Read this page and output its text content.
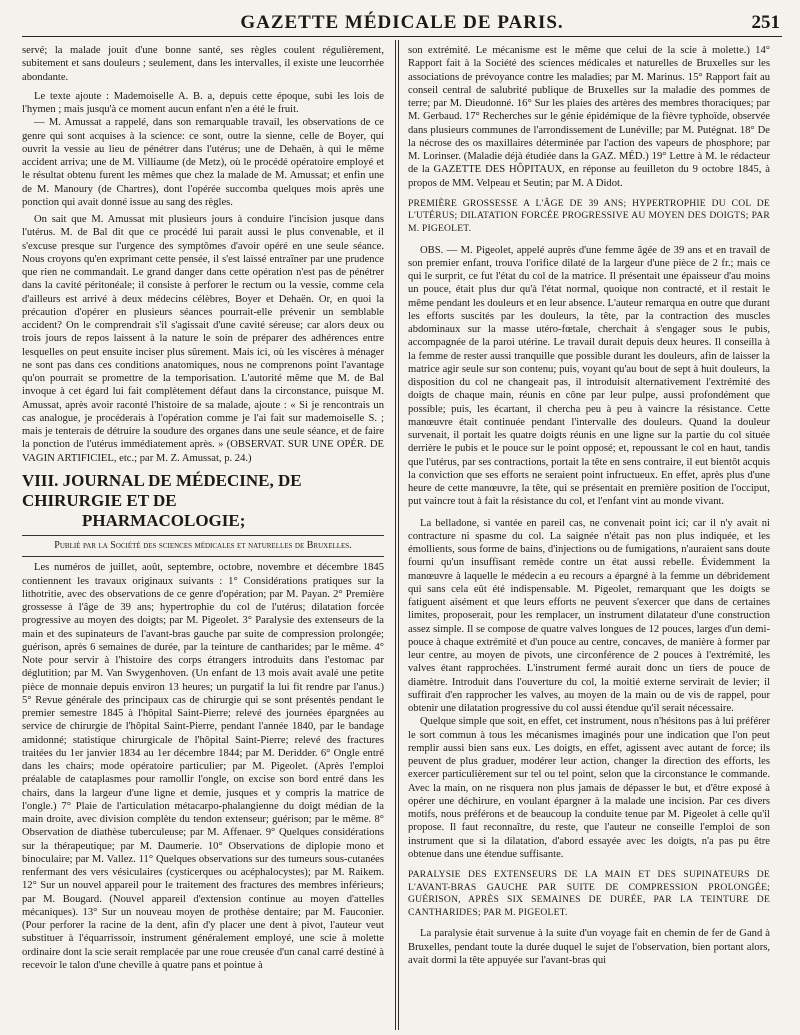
GAZETTE MÉDICALE DE PARIS.	251

servé; la malade jouit d'une bonne santé, ses règles coulent régulièrement, subitement et sans douleurs ; seulement, dans les intervalles, il existe une leucorrhée abondante.

Le texte ajoute : Mademoiselle A. B. a, depuis cette époque, subi les lois de l'hymen ; mais jusqu'à ce moment aucun enfant n'en a été le fruit.

— M. Amussat a rappelé, dans son remarquable travail, les observations de ce genre qui sont acquises à la science: ce sont, outre la sienne, celle de Boyer, qui ouvrit la vessie au lieu de pénétrer dans l'utérus; une de Dehaën, à qui le même accident arriva; une de M. Villiaume (de Metz), où le procédé opératoire employé et le résultat obtenu furent les mêmes que chez la malade de M. Amussat; et enfin une de M. Manoury (de Chartres), dont l'opérée succomba quelques mois après une ponction qui avait donné issue au sang des règles.

On sait que M. Amussat mit plusieurs jours à conduire l'incision jusque dans l'utérus. M. de Bal dit que ce procédé lui parait aussi le plus convenable, et il s'excuse presque sur l'urgence des symptômes d'avoir opéré en une seule séance. Nous croyons qu'en exprimant cette pensée, il s'est laissé entraîner par une prudence que rien ne commandait. Le grand danger dans cette opération n'est pas de pénétrer dans la cavité péritonéale; il consiste à perforer le rectum ou la vessie, comme cela d'ailleurs est arrivé à deux médecins célèbres, Boyer et Dehaën. Or, en quoi la précaution d'opérer en plusieurs séances pourrait-elle prévenir un semblable accident? On le comprendrait s'il s'agissait d'une cavité séreuse; car alors deux ou trois jours de repos laissent à la nature le soin de préparer des adhérences entre lesquelles on peut ensuite inciser plus sûrement. Mais ici, où les viscères à ménager ne sont pas dans ces conditions anatomiques, nous ne comprenons point l'avantage qu'on pourrait se promettre de la temporisation. L'autorité même que M. de Bal invoque à cet égard lui fait complètement défaut dans la circonstance, puisque M. Amussat, après avoir raconté l'histoire de sa malade, ajoute : « Si je rencontrais un cas analogue, je procéderais à l'opération comme je l'ai fait sur mademoiselle S. ; mais je tenterais de détruire la soudure des organes dans une seule séance, et de faire la ponction de l'utérus immédiatement après. » (OBSERVAT. SUR UNE OPÉR. DE VAGIN ARTIFICIEL, etc.; par M. Z. Amussat, p. 24.)

VIII. JOURNAL DE MÉDECINE, DE CHIRURGIE ET DE
PHARMACOLOGIE;

Publié par la Société des sciences médicales et naturelles de Bruxelles.

Les numéros de juillet, août, septembre, octobre, novembre et décembre 1845 contiennent les travaux originaux suivants : 1° Considérations pratiques sur la lithotritie, avec des observations de ce genre d'opération; par M. Payan. 2° Première grossesse à l'âge de 39 ans; hypertrophie du col de l'utérus; dilatation forcée progressive au moyen des doigts; par M. Pigeolet. 3° Paralysie des extenseurs de la main et des supinateurs de l'avant-bras gauche par suite de compression prolongée; guérison, après 6 semaines de durée, par la teinture de cantharides; par le même. 4° Note pour servir à l'histoire des corps étrangers introduits dans l'estomac par déglutition; par M. Van Swygenhoven. (Un enfant de 13 mois avait avalé une petite pièce de monnaie depuis environ 13 heures; un purgatif la lui fit rendre par l'anus.) 5° Revue générale des principaux cas de chirurgie qui se sont présentés pendant le premier semestre 1845 à l'hôpital Saint-Pierre; relevé des journées épargnées au service de chirurgie de l'hôpital Saint-Pierre, pendant l'année 1840, par le bandage amidonné; statistique chirurgicale de l'hôpital Saint-Pierre; relevé des fractures traitées du 1er janvier 1834 au 1er décembre 1844; par M. Deridder. 6° Ongle entré dans les chairs; mode opératoire particulier; par M. Pigeolet. (Après l'emploi préalable de cataplasmes pour ramollir l'ongle, on excise son bord entré dans les chairs, dans la largeur d'une ligne et demie, jusques et y compris la matrice de l'ongle.) 7° Plaie de l'articulation métacarpo-phalangienne du doigt médian de la main droite, avec division complète du tendon extenseur; guérison; par le même. 8° Observation de diathèse tuberculeuse; par M. Affenaer. 9° Quelques considérations sur la thérapeutique; par M. Daumerie. 10° Observations de diplopie mono et binoculaire; par M. Vallez. 11° Quelques observations sur des tumeurs sous-cutanées renfermant des vers vésiculaires (cysticerques ou acéphalocystes); par M. Raikem. 12° Sur un nouvel appareil pour le traitement des fractures des membres inférieurs; par M. Bougard. (Nouvel appareil d'extension continue au moyen d'attelles mécaniques). 13° Sur un nouveau moyen de prothèse dentaire; par M. Fauconier. (Pour perforer la racine de la dent, afin d'y placer une dent à pivot, l'auteur veut substituer à l'équarrissoir, instrument généralement employé, une scie à molette ordinaire dont la scie serait remplacée par une roue creusée d'un canal carré destiné à recevoir le talon d'une cheville à quatre pans et pointue à

son extrémité. Le mécanisme est le même que celui de la scie à molette.) 14° Rapport fait à la Société des sciences médicales et naturelles de Bruxelles sur les associations de prévoyance contre les maladies; par M. Marinus. 15° Rapport fait au conseil central de salubrité publique de Bruxelles sur la maladie des pommes de terre; par M. Dieudonné. 16° Sur les plaies des artères des membres thoraciques; par M. Gerbaud. 17° Recherches sur le génie épidémique de la fièvre typhoïde, observée dans plusieurs communes de l'arrondissement de Lunéville; par M. Putégnat. 18° De la nécrose des os maxillaires déterminée par l'action des vapeurs de phosphore; par M. Lorinser. (Maladie déjà étudiée dans la GAZ. MÉD.) 19° Lettre à M. le rédacteur de la GAZETTE DES HÔPITAUX, en réponse au feuilleton du 9 octobre 1845, à propos de MM. Velpeau et Seutin; par M. A Didot.

PREMIÈRE GROSSESSE A L'ÂGE DE 39 ANS; HYPERTROPHIE DU COL DE L'UTÉRUS; DILATATION FORCÉE PROGRESSIVE AU MOYEN DES DOIGTS; PAR M. PIGEOLET.

OBS. — M. Pigeolet, appelé auprès d'une femme âgée de 39 ans et en travail de son premier enfant, trouva l'orifice dilaté de la largeur d'une pièce de 2 fr.; mais ce qui le surprit, ce fut l'état du col de la matrice. Il présentait une épaisseur d'au moins un pouce, était plus dur qu'à l'état normal, quoique non contracté, et il restait le même pendant les douleurs et en leur absence. L'auteur remarqua en outre que durant les efforts suscités par les douleurs, la tête, par la contraction des muscles abdominaux sur la masse utéro-fœtale, cherchait à s'engager sous le pubis, accompagnée de la paroi utérine. Le travail durait depuis deux heures. Il conseilla à la femme de rester aussi tranquille que possible durant les douleurs, afin de laisser la matrice agir seule sur son contenu; puis, voyant qu'au bout de sept à huit douleurs, la disposition du col ne changeait pas, il introduisit alternativement l'extrémité des doigts de chaque main, réunis en cône par leur pulpe, aussi profondément que possible; puis, les écartant, il chercha peu à peu à vaincre la résistance. Cette manœuvre était continuée pendant l'intervalle des douleurs. Quand la douleur survenait, il portait les quatre doigts réunis en une ligne sur la partie du col située derrière le pubis et le pouce sur le point opposé; et, repoussant le col en haut, tandis que l'utérus, par ses contractions, portait la tête en sens contraire, il eut bientôt acquis la conviction que ses efforts ne seraient point infructueux. En effet, après plus d'une heure de cette manœuvre, la tête, qui se présentait en première position de l'occiput, put vaincre tout à fait la résistance du col, et l'enfant vint au monde vivant.

La belladone, si vantée en pareil cas, ne convenait point ici; car il n'y avait ni contracture ni spasme du col. La saignée n'était pas non plus indiquée, et les émollients, sous forme de bains, d'injections ou de fumigations, n'auraient sans doute fourni qu'un insuffisant remède contre un état aussi rebelle. Évidemment la manœuvre à laquelle le médecin a eu recours a épargné à la femme un débridement qui sans cela eût été indispensable. M. Pigeolet, remarquant que les doigts se fatiguent aisément et que leurs efforts ne peuvent s'exercer que dans de certaines limites, proposerait, pour les remplacer, un instrument dilatateur d'une construction assez simple. Il se compose de quatre valves longues de 12 pouces, larges d'un demi-pouce à chaque extrémité et d'un pouce au centre, concaves, de manière à former par leur centre, au moyen de pivots, une circonférence de 2 pouces à l'extrémité, les valves étant rapprochées. L'instrument fermé aurait donc un tiers de pouce de diamètre. Introduit dans l'ouverture du col, la moitié externe servirait de levier; il suffirait d'en rapprocher les valves, au moyen de la main ou de vis de rappel, pour obtenir une dilatation progressive du col aussi étendue qu'il serait nécessaire.

Quelque simple que soit, en effet, cet instrument, nous n'hésitons pas à lui préférer le sort commun à tous les mécanismes imaginés pour une indication que l'on peut remplir aussi bien sans eux. Les doigts, en effet, agissent avec autant de force; ils peuvent de plus graduer, modérer leur action, changer la direction des efforts, les exercer particulièrement sur tel ou tel point, selon que la circonstance le commande. Avec la main, on ne risquera non plus jamais de dépasser le but, et d'être exposé à opérer une déchirure, en voulant épargner à la malade une incision. Par ces divers motifs, nous préférons et de beaucoup la conduite tenue par M. Pigeolet à celle qu'il propose. Il faut reconnaître, du reste, que l'auteur ne conseille l'emploi de son instrument que si la dilatation, d'abord essayée avec les doigts, n'a pas pu être obtenue dans une étendue suffisante.

PARALYSIE DES EXTENSEURS DE LA MAIN ET DES SUPINATEURS DE L'AVANT-BRAS GAUCHE PAR SUITE DE COMPRESSION PROLONGÉE; GUÉRISON, APRÈS SIX SEMAINES DE DURÉE, PAR LA TEINTURE DE CANTHARIDES; PAR M. PIGEOLET.

La paralysie était survenue à la suite d'un voyage fait en chemin de fer de Gand à Bruxelles, pendant toute la durée duquel le sujet de l'observation, bien portant alors, avait dormi la tête appuyée sur l'avant-bras qui
